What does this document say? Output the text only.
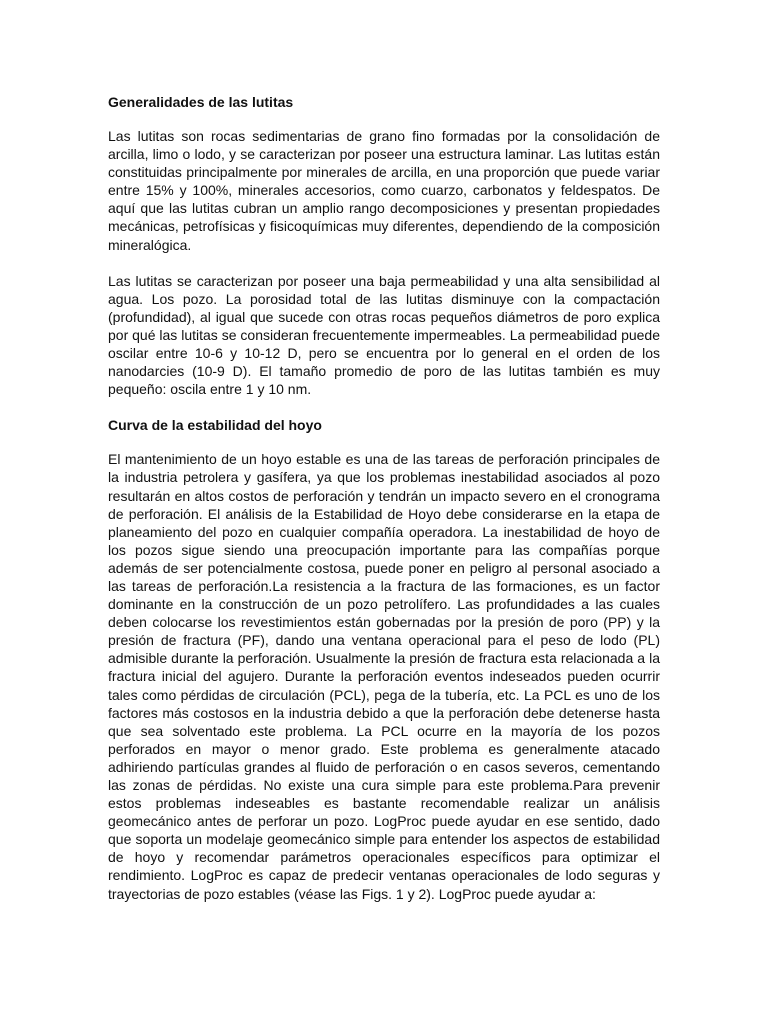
Generalidades de las lutitas

Las lutitas son rocas sedimentarias de grano fino formadas por la consolidación de arcilla, limo o lodo, y se caracterizan por poseer una estructura laminar. Las lutitas están constituidas principalmente por minerales de arcilla, en una proporción que puede variar entre 15% y 100%, minerales accesorios, como cuarzo, carbonatos y feldespatos. De aquí que las lutitas cubran un amplio rango decomposiciones y presentan propiedades mecánicas, petrofísicas y fisicoquímicas muy diferentes, dependiendo de la composición mineralógica.

Las lutitas se caracterizan por poseer una baja permeabilidad y una alta sensibilidad al agua. Los pozo. La porosidad total de las lutitas disminuye con la compactación (profundidad), al igual que sucede con otras rocas pequeños diámetros de poro explica por qué las lutitas se consideran frecuentemente impermeables. La permeabilidad puede oscilar entre 10-6 y 10-12 D, pero se encuentra por lo general en el orden de los nanodarcies (10-9 D). El tamaño promedio de poro de las lutitas también es muy pequeño: oscila entre 1 y 10 nm.

Curva de la estabilidad del hoyo

El mantenimiento de un hoyo estable es una de las tareas de perforación principales de la industria petrolera y gasífera, ya que los problemas inestabilidad asociados al pozo resultarán en altos costos de perforación y tendrán un impacto severo en el cronograma de perforación. El análisis de la Estabilidad de Hoyo debe considerarse en la etapa de planeamiento del pozo en cualquier compañía operadora. La inestabilidad de hoyo de los pozos sigue siendo una preocupación importante para las compañías porque además de ser potencialmente costosa, puede poner en peligro al personal asociado a las tareas de perforación.La resistencia a la fractura de las formaciones, es un factor dominante en la construcción de un pozo petrolífero. Las profundidades a las cuales deben colocarse los revestimientos están gobernadas por la presión de poro (PP) y la presión de fractura (PF), dando una ventana operacional para el peso de lodo (PL) admisible durante la perforación. Usualmente la presión de fractura esta relacionada a la fractura inicial del agujero. Durante la perforación eventos indeseados pueden ocurrir tales como pérdidas de circulación (PCL), pega de la tubería, etc. La PCL es uno de los factores más costosos en la industria debido a que la perforación debe detenerse hasta que sea solventado este problema. La PCL ocurre en la mayoría de los pozos perforados en mayor o menor grado. Este problema es generalmente atacado adhiriendo partículas grandes al fluido de perforación o en casos severos, cementando las zonas de pérdidas. No existe una cura simple para este problema.Para prevenir estos problemas indeseables es bastante recomendable realizar un análisis geomecánico antes de perforar un pozo. LogProc puede ayudar en ese sentido, dado que soporta un modelaje geomecánico simple para entender los aspectos de estabilidad de hoyo y recomendar parámetros operacionales específicos para optimizar el rendimiento. LogProc es capaz de predecir ventanas operacionales de lodo seguras y trayectorias de pozo estables (véase las Figs. 1 y 2). LogProc puede ayudar a:
